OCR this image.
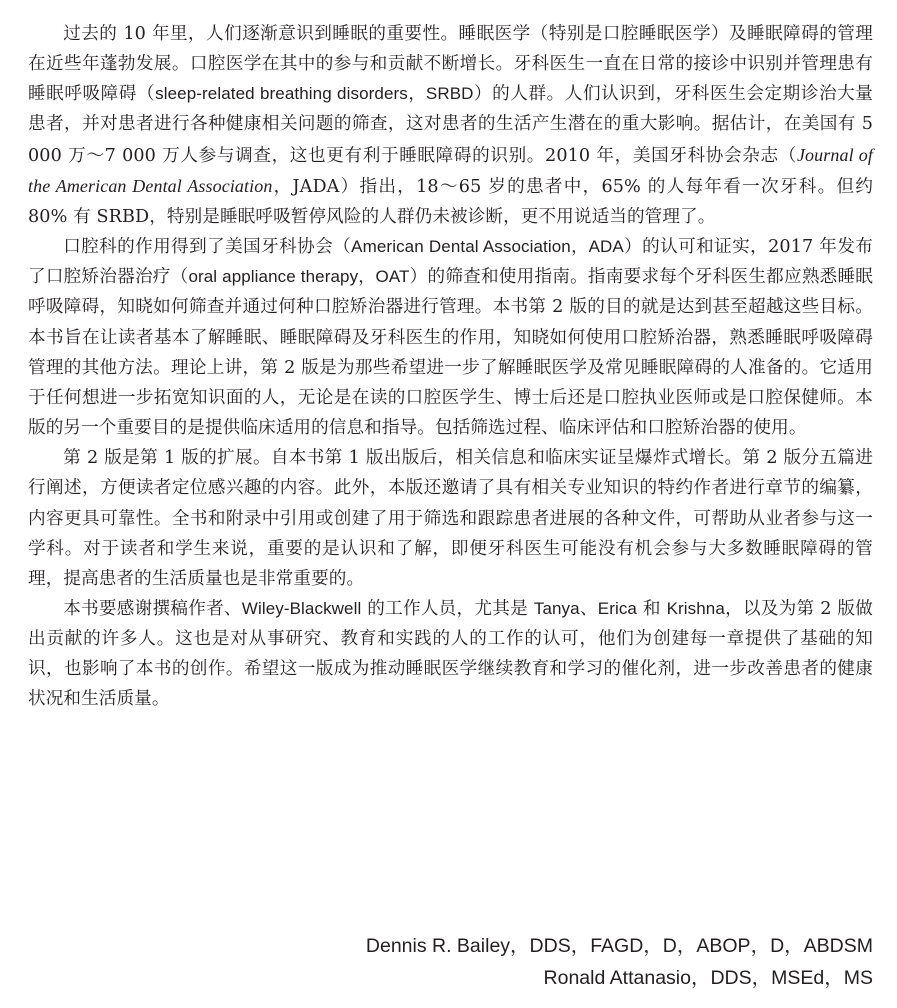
过去的 10 年里，人们逐渐意识到睡眠的重要性。睡眠医学（特别是口腔睡眠医学）及睡眠障碍的管理在近些年蓬勃发展。口腔医学在其中的参与和贡献不断增长。牙科医生一直在日常的接诊中识别并管理患有睡眠呼吸障碍（sleep-related breathing disorders，SRBD）的人群。人们认识到，牙科医生会定期诊治大量患者，并对患者进行各种健康相关问题的筛查，这对患者的生活产生潜在的重大影响。据估计，在美国有 5 000 万～7 000 万人参与调查，这也更有利于睡眠障碍的识别。2010 年，美国牙科协会杂志（Journal of the American Dental Association，JADA）指出，18～65 岁的患者中，65% 的人每年看一次牙科。但约 80% 有 SRBD，特别是睡眠呼吸暂停风险的人群仍未被诊断，更不用说适当的管理了。

口腔科的作用得到了美国牙科协会（American Dental Association，ADA）的认可和证实，2017 年发布了口腔矫治器治疗（oral appliance therapy，OAT）的筛查和使用指南。指南要求每个牙科医生都应熟悉睡眠呼吸障碍，知晓如何筛查并通过何种口腔矫治器进行管理。本书第 2 版的目的就是达到甚至超越这些目标。本书旨在让读者基本了解睡眠、睡眠障碍及牙科医生的作用，知晓如何使用口腔矫治器，熟悉睡眠呼吸障碍管理的其他方法。理论上讲，第 2 版是为那些希望进一步了解睡眠医学及常见睡眠障碍的人准备的。它适用于任何想进一步拓宽知识面的人，无论是在读的口腔医学生、博士后还是口腔执业医师或是口腔保健师。本版的另一个重要目的是提供临床适用的信息和指导。包括筛选过程、临床评估和口腔矫治器的使用。

第 2 版是第 1 版的扩展。自本书第 1 版出版后，相关信息和临床实证呈爆炸式增长。第 2 版分五篇进行阐述，方便读者定位感兴趣的内容。此外，本版还邀请了具有相关专业知识的特约作者进行章节的编纂，内容更具可靠性。全书和附录中引用或创建了用于筛选和跟踪患者进展的各种文件，可帮助从业者参与这一学科。对于读者和学生来说，重要的是认识和了解，即便牙科医生可能没有机会参与大多数睡眠障碍的管理，提高患者的生活质量也是非常重要的。

本书要感谢撰稿作者、Wiley-Blackwell 的工作人员，尤其是 Tanya、Erica 和 Krishna，以及为第 2 版做出贡献的许多人。这也是对从事研究、教育和实践的人的工作的认可，他们为创建每一章提供了基础的知识，也影响了本书的创作。希望这一版成为推动睡眠医学继续教育和学习的催化剂，进一步改善患者的健康状况和生活质量。

Dennis R. Bailey，DDS，FAGD，D，ABOP，D，ABDSM
Ronald Attanasio，DDS，MSEd，MS
